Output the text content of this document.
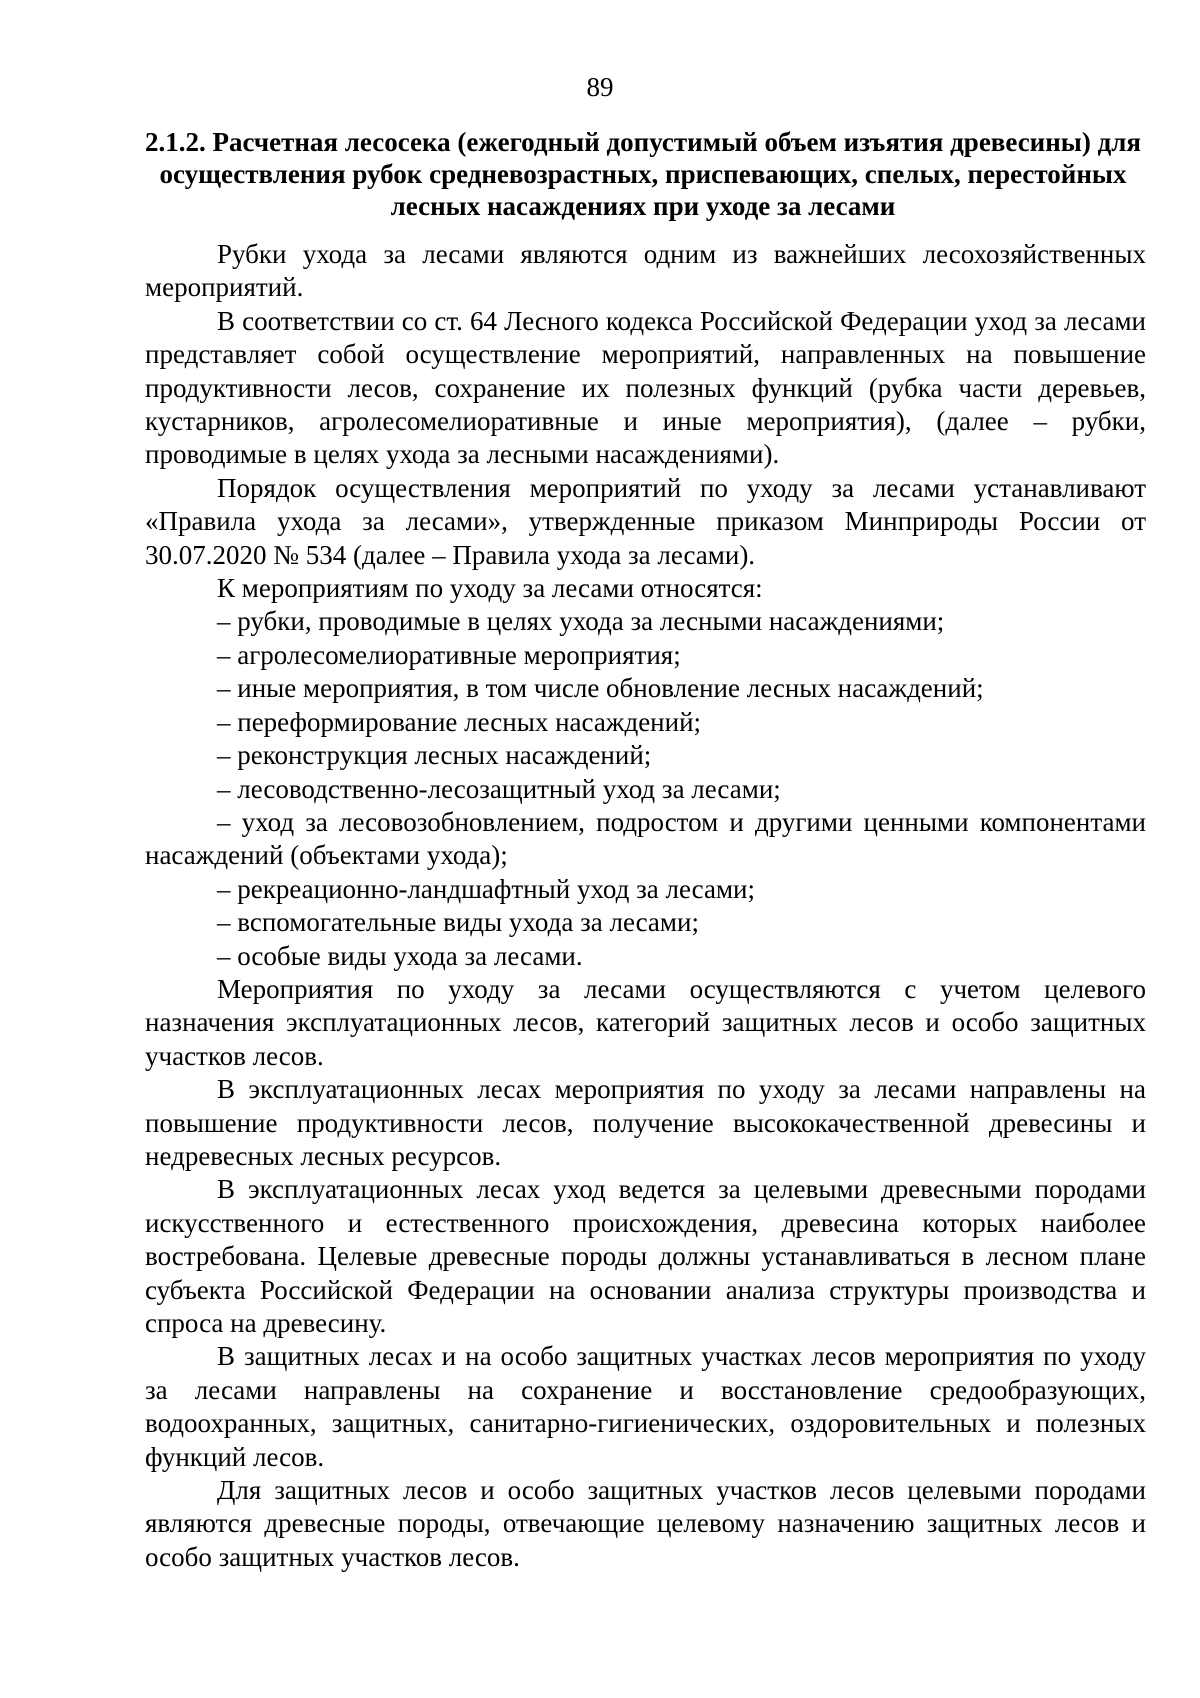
89
2.1.2. Расчетная лесосека (ежегодный допустимый объем изъятия древесины) для осуществления рубок средневозрастных, приспевающих, спелых, перестойных лесных насаждениях при уходе за лесами

Рубки ухода за лесами являются одним из важнейших лесохозяйственных мероприятий.

В соответствии со ст. 64 Лесного кодекса Российской Федерации уход за лесами представляет собой осуществление мероприятий, направленных на повышение продуктивности лесов, сохранение их полезных функций (рубка части деревьев, кустарников, агролесомелиоративные и иные мероприятия), (далее – рубки, проводимые в целях ухода за лесными насаждениями).

Порядок осуществления мероприятий по уходу за лесами устанавливают «Правила ухода за лесами», утвержденные приказом Минприроды России от 30.07.2020 № 534 (далее – Правила ухода за лесами).

К мероприятиям по уходу за лесами относятся:

– рубки, проводимые в целях ухода за лесными насаждениями;

– агролесомелиоративные мероприятия;

– иные мероприятия, в том числе обновление лесных насаждений;

– переформирование лесных насаждений;

– реконструкция лесных насаждений;

– лесоводственно-лесозащитный уход за лесами;

– уход за лесовозобновлением, подростом и другими ценными компонентами насаждений (объектами ухода);

– рекреационно-ландшафтный уход за лесами;

– вспомогательные виды ухода за лесами;

– особые виды ухода за лесами.

Мероприятия по уходу за лесами осуществляются с учетом целевого назначения эксплуатационных лесов, категорий защитных лесов и особо защитных участков лесов.

В эксплуатационных лесах мероприятия по уходу за лесами направлены на повышение продуктивности лесов, получение высококачественной древесины и недревесных лесных ресурсов.

В эксплуатационных лесах уход ведется за целевыми древесными породами искусственного и естественного происхождения, древесина которых наиболее востребована. Целевые древесные породы должны устанавливаться в лесном плане субъекта Российской Федерации на основании анализа структуры производства и спроса на древесину.

В защитных лесах и на особо защитных участках лесов мероприятия по уходу за лесами направлены на сохранение и восстановление средообразующих, водоохранных, защитных, санитарно-гигиенических, оздоровительных и полезных функций лесов.

Для защитных лесов и особо защитных участков лесов целевыми породами являются древесные породы, отвечающие целевому назначению защитных лесов и особо защитных участков лесов.
